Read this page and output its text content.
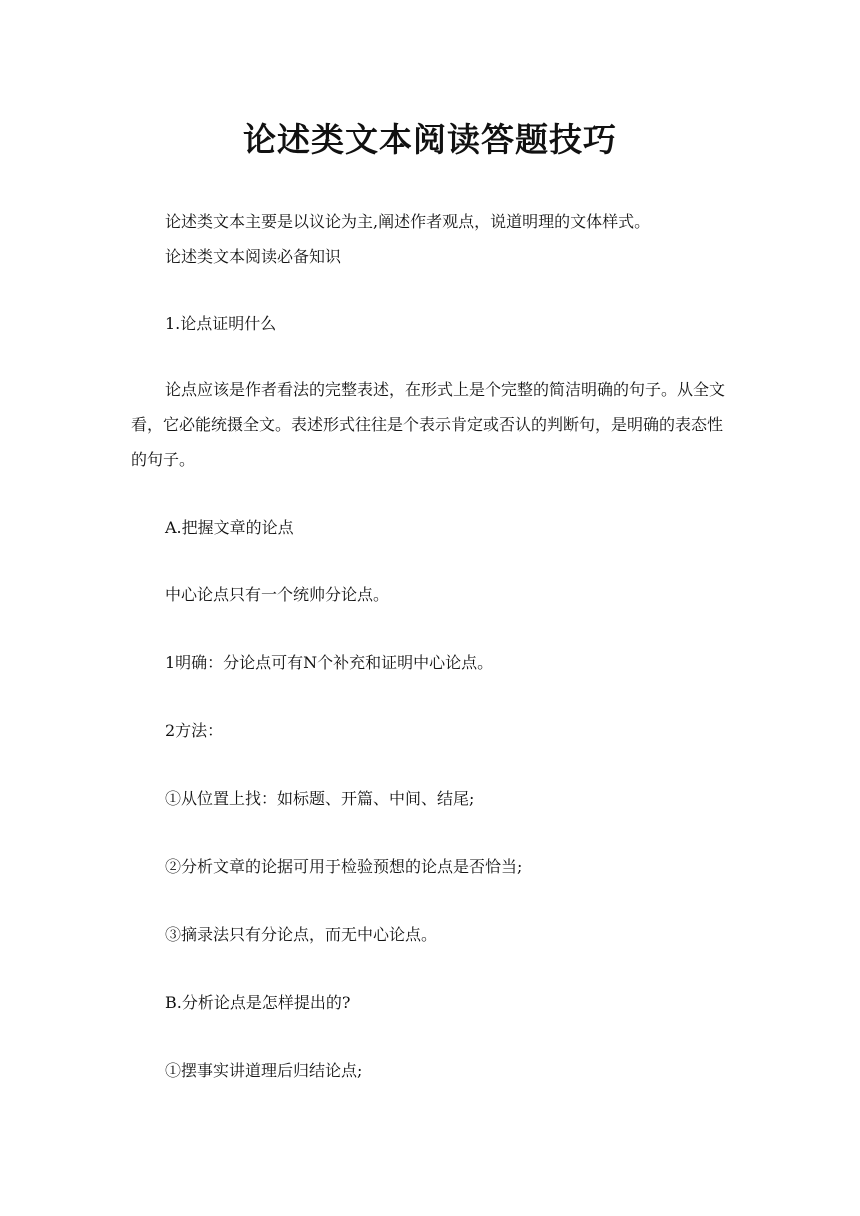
论述类文本阅读答题技巧

论述类文本主要是以议论为主,阐述作者观点，说道明理的文体样式。

论述类文本阅读必备知识

1.论点证明什么

论点应该是作者看法的完整表述，在形式上是个完整的简洁明确的句子。从全文看，它必能统摄全文。表述形式往往是个表示肯定或否认的判断句，是明确的表态性的句子。

A.把握文章的论点

中心论点只有一个统帅分论点。

1明确：分论点可有N个补充和证明中心论点。

2方法：

①从位置上找：如标题、开篇、中间、结尾;

②分析文章的论据可用于检验预想的论点是否恰当;

③摘录法只有分论点，而无中心论点。

B.分析论点是怎样提出的?

①摆事实讲道理后归结论点;
